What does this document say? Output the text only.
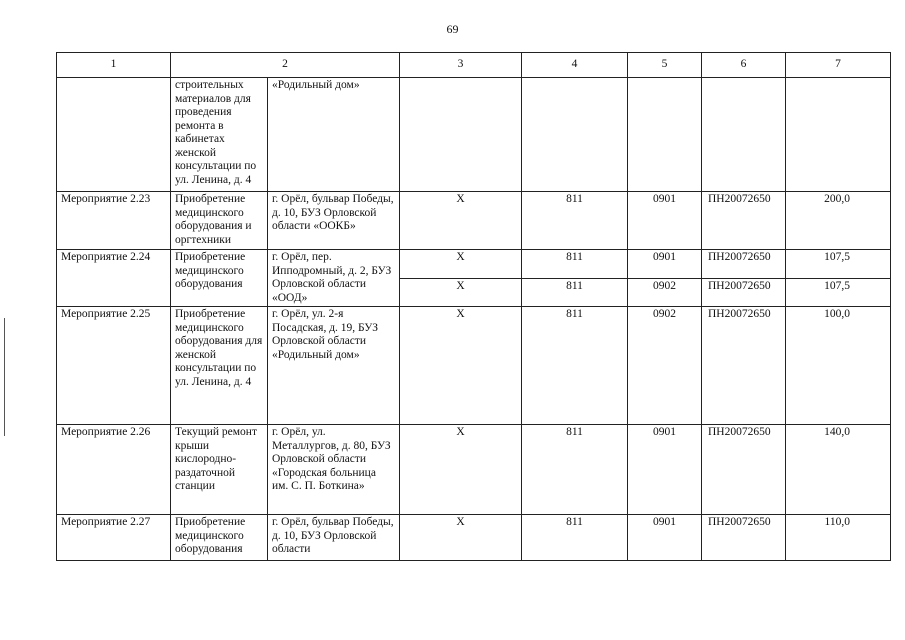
69
1	2		3	4	5	6	7
	строительных материалов для проведения ремонта в кабинетах женской консультации по ул. Ленина, д. 4	«Родильный дом»					
Мероприятие 2.23	Приобретение медицинского оборудования и оргтехники	г. Орёл, бульвар Победы, д. 10, БУЗ Орловской области «ООКБ»	Х	811	0901	ПН20072650	200,0
Мероприятие 2.24	Приобретение медицинского оборудования	г. Орёл, пер. Ипподромный, д. 2, БУЗ Орловской области «ООД»	Х	811	0901	ПН20072650	107,5
			Х	811	0902	ПН20072650	107,5
Мероприятие 2.25	Приобретение медицинского оборудования для женской консультации по ул. Ленина, д. 4	г. Орёл, ул. 2-я Посадская, д. 19, БУЗ Орловской области «Родильный дом»	Х	811	0902	ПН20072650	100,0
Мероприятие 2.26	Текущий ремонт крыши кислородно-раздаточной станции	г. Орёл, ул. Металлургов, д. 80, БУЗ Орловской области «Городская больница им. С. П. Боткина»	Х	811	0901	ПН20072650	140,0
Мероприятие 2.27	Приобретение медицинского оборудования	г. Орёл, бульвар Победы, д. 10, БУЗ Орловской области	Х	811	0901	ПН20072650	110,0
